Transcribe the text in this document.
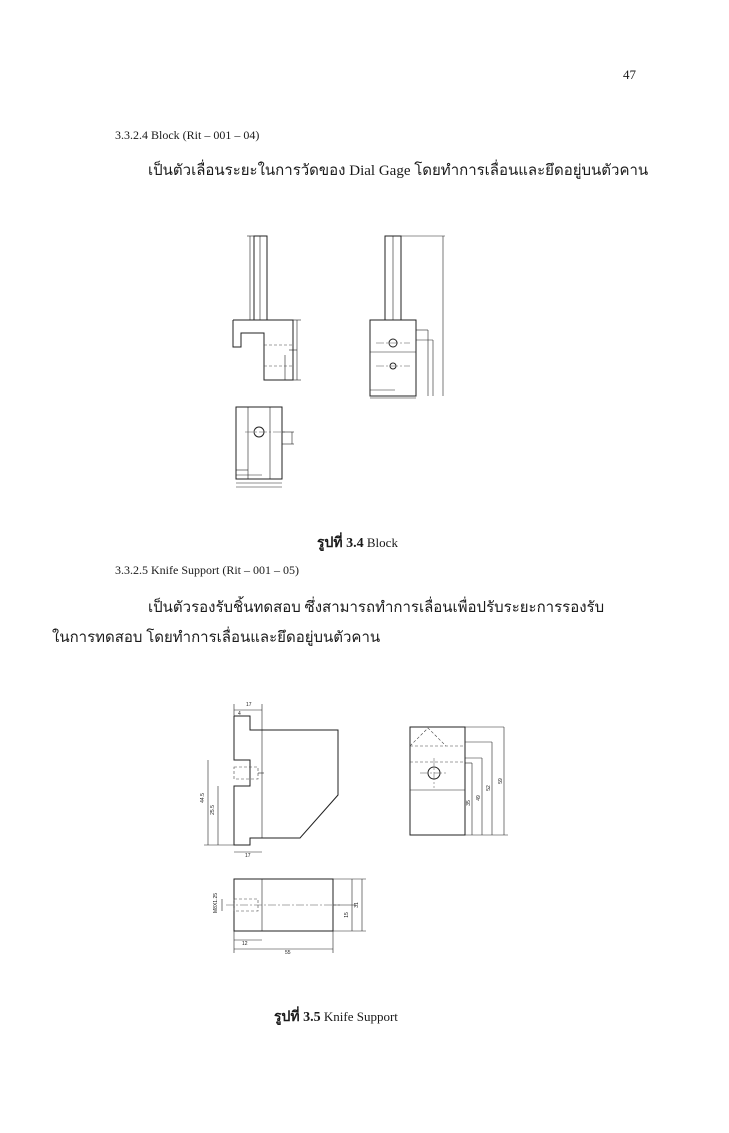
47
3.3.2.4 Block (Rit – 001 – 04)
เป็นตัวเลื่อนระยะในการวัดของ Dial Gage โดยทำการเลื่อนและยึดอยู่บนตัวคาน
รูปที่ 3.4 Block
3.3.2.5 Knife Support (Rit – 001 – 05)
เป็นตัวรองรับชิ้นทดสอบ ซึ่งสามารถทำการเลื่อนเพื่อปรับระยะการรองรับ
ในการทดสอบ โดยทำการเลื่อนและยึดอยู่บนตัวคาน
รูปที่ 3.5 Knife Support
17
4
44.5
25.5
17
35
49
52
59
M8X1.25
15
31
12
55
